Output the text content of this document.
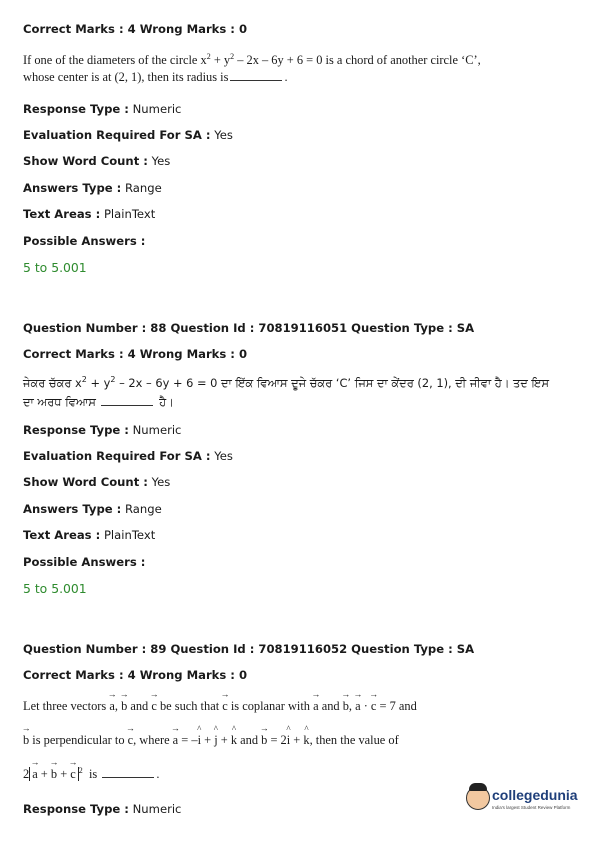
Correct Marks : 4 Wrong Marks : 0
If one of the diameters of the circle $x^2 + y^2 - 2x - 6y + 6 = 0$ is a chord of another circle ‘C’,
whose center is at (2, 1), then its radius is	.
Response Type : Numeric
Evaluation Required For SA : Yes
Show Word Count : Yes
Answers Type : Range
Text Areas : PlainText
Possible Answers :
5 to 5.001
Question Number : 88 Question Id : 70819116051 Question Type : SA
Correct Marks : 4 Wrong Marks : 0
ਜੇਕਰ ਚੱਕਰ $x^2 + y^2 - 2x - 6y + 6 = 0$ ਦਾ ਇੱਕ ਵਿਆਸ ਦੂਜੇ ਚੱਕਰ ‘C’ ਜਿਸ ਦਾ ਕੇਂਦਰ (2, 1), ਦੀ ਜੀਵਾ ਹੈ। ਤਦ ਇਸ
ਦਾ ਅਰਧ ਵਿਆਸ	ਹੈ।
Response Type : Numeric
Evaluation Required For SA : Yes
Show Word Count : Yes
Answers Type : Range
Text Areas : PlainText
Possible Answers :
5 to 5.001
Question Number : 89 Question Id : 70819116052 Question Type : SA
Correct Marks : 4 Wrong Marks : 0
Let three vectors → a, → b and → c be such that → c is coplanar with → a and → b, → a · → c = 7 and
→ b is perpendicular to → c, where → a = –^ i + ^ j + ^ k and → b = 2^ i + ^ k, then the value of
2→ a + → b + → c $^2$ is	.
Response Type : Numeric
collegedunia
India's largest Student Review Platform
